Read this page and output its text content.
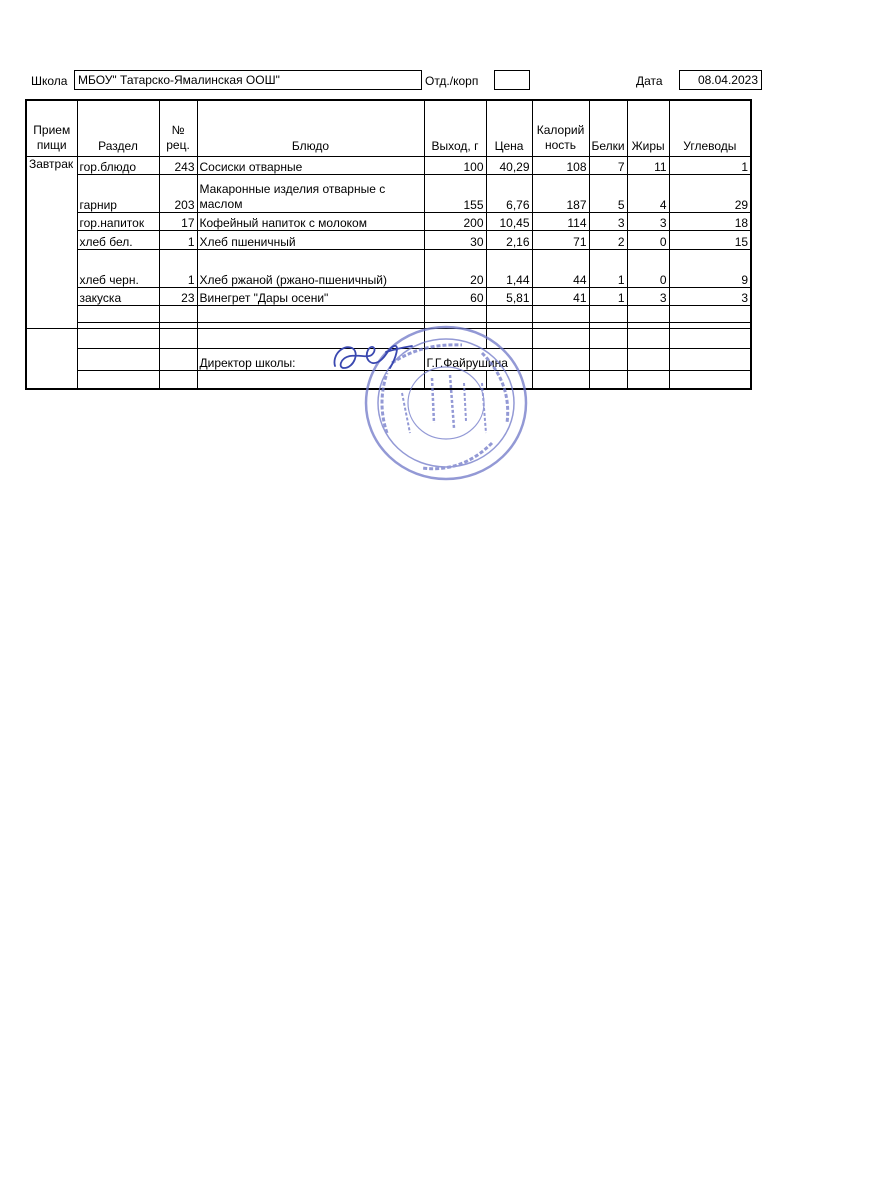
Школа МБОУ" Татарско-Ямалинская ООШ"	Отд./корп	Дата	08.04.2023
Прием пищи	Раздел	№ рец.	Блюдо	Выход, г	Цена	Калорийность	Белки	Жиры	Углеводы
Завтрак	гор.блюдо	243	Сосиски отварные	100	40,29	108	7	11	1
	гарнир	203	Макаронные изделия отварные с маслом	155	6,76	187	5	4	29
	гор.напиток	17	Кофейный напиток с молоком	200	10,45	114	3	3	18
	хлеб бел.	1	Хлеб пшеничный	30	2,16	71	2	0	15
	хлеб черн.	1	Хлеб ржаной (ржано-пшеничный)	20	1,44	44	1	0	9
	закуска	23	Винегрет "Дары осени"	60	5,81	41	1	3	3

			Директор школы:	Г.Г.Файрушина					
